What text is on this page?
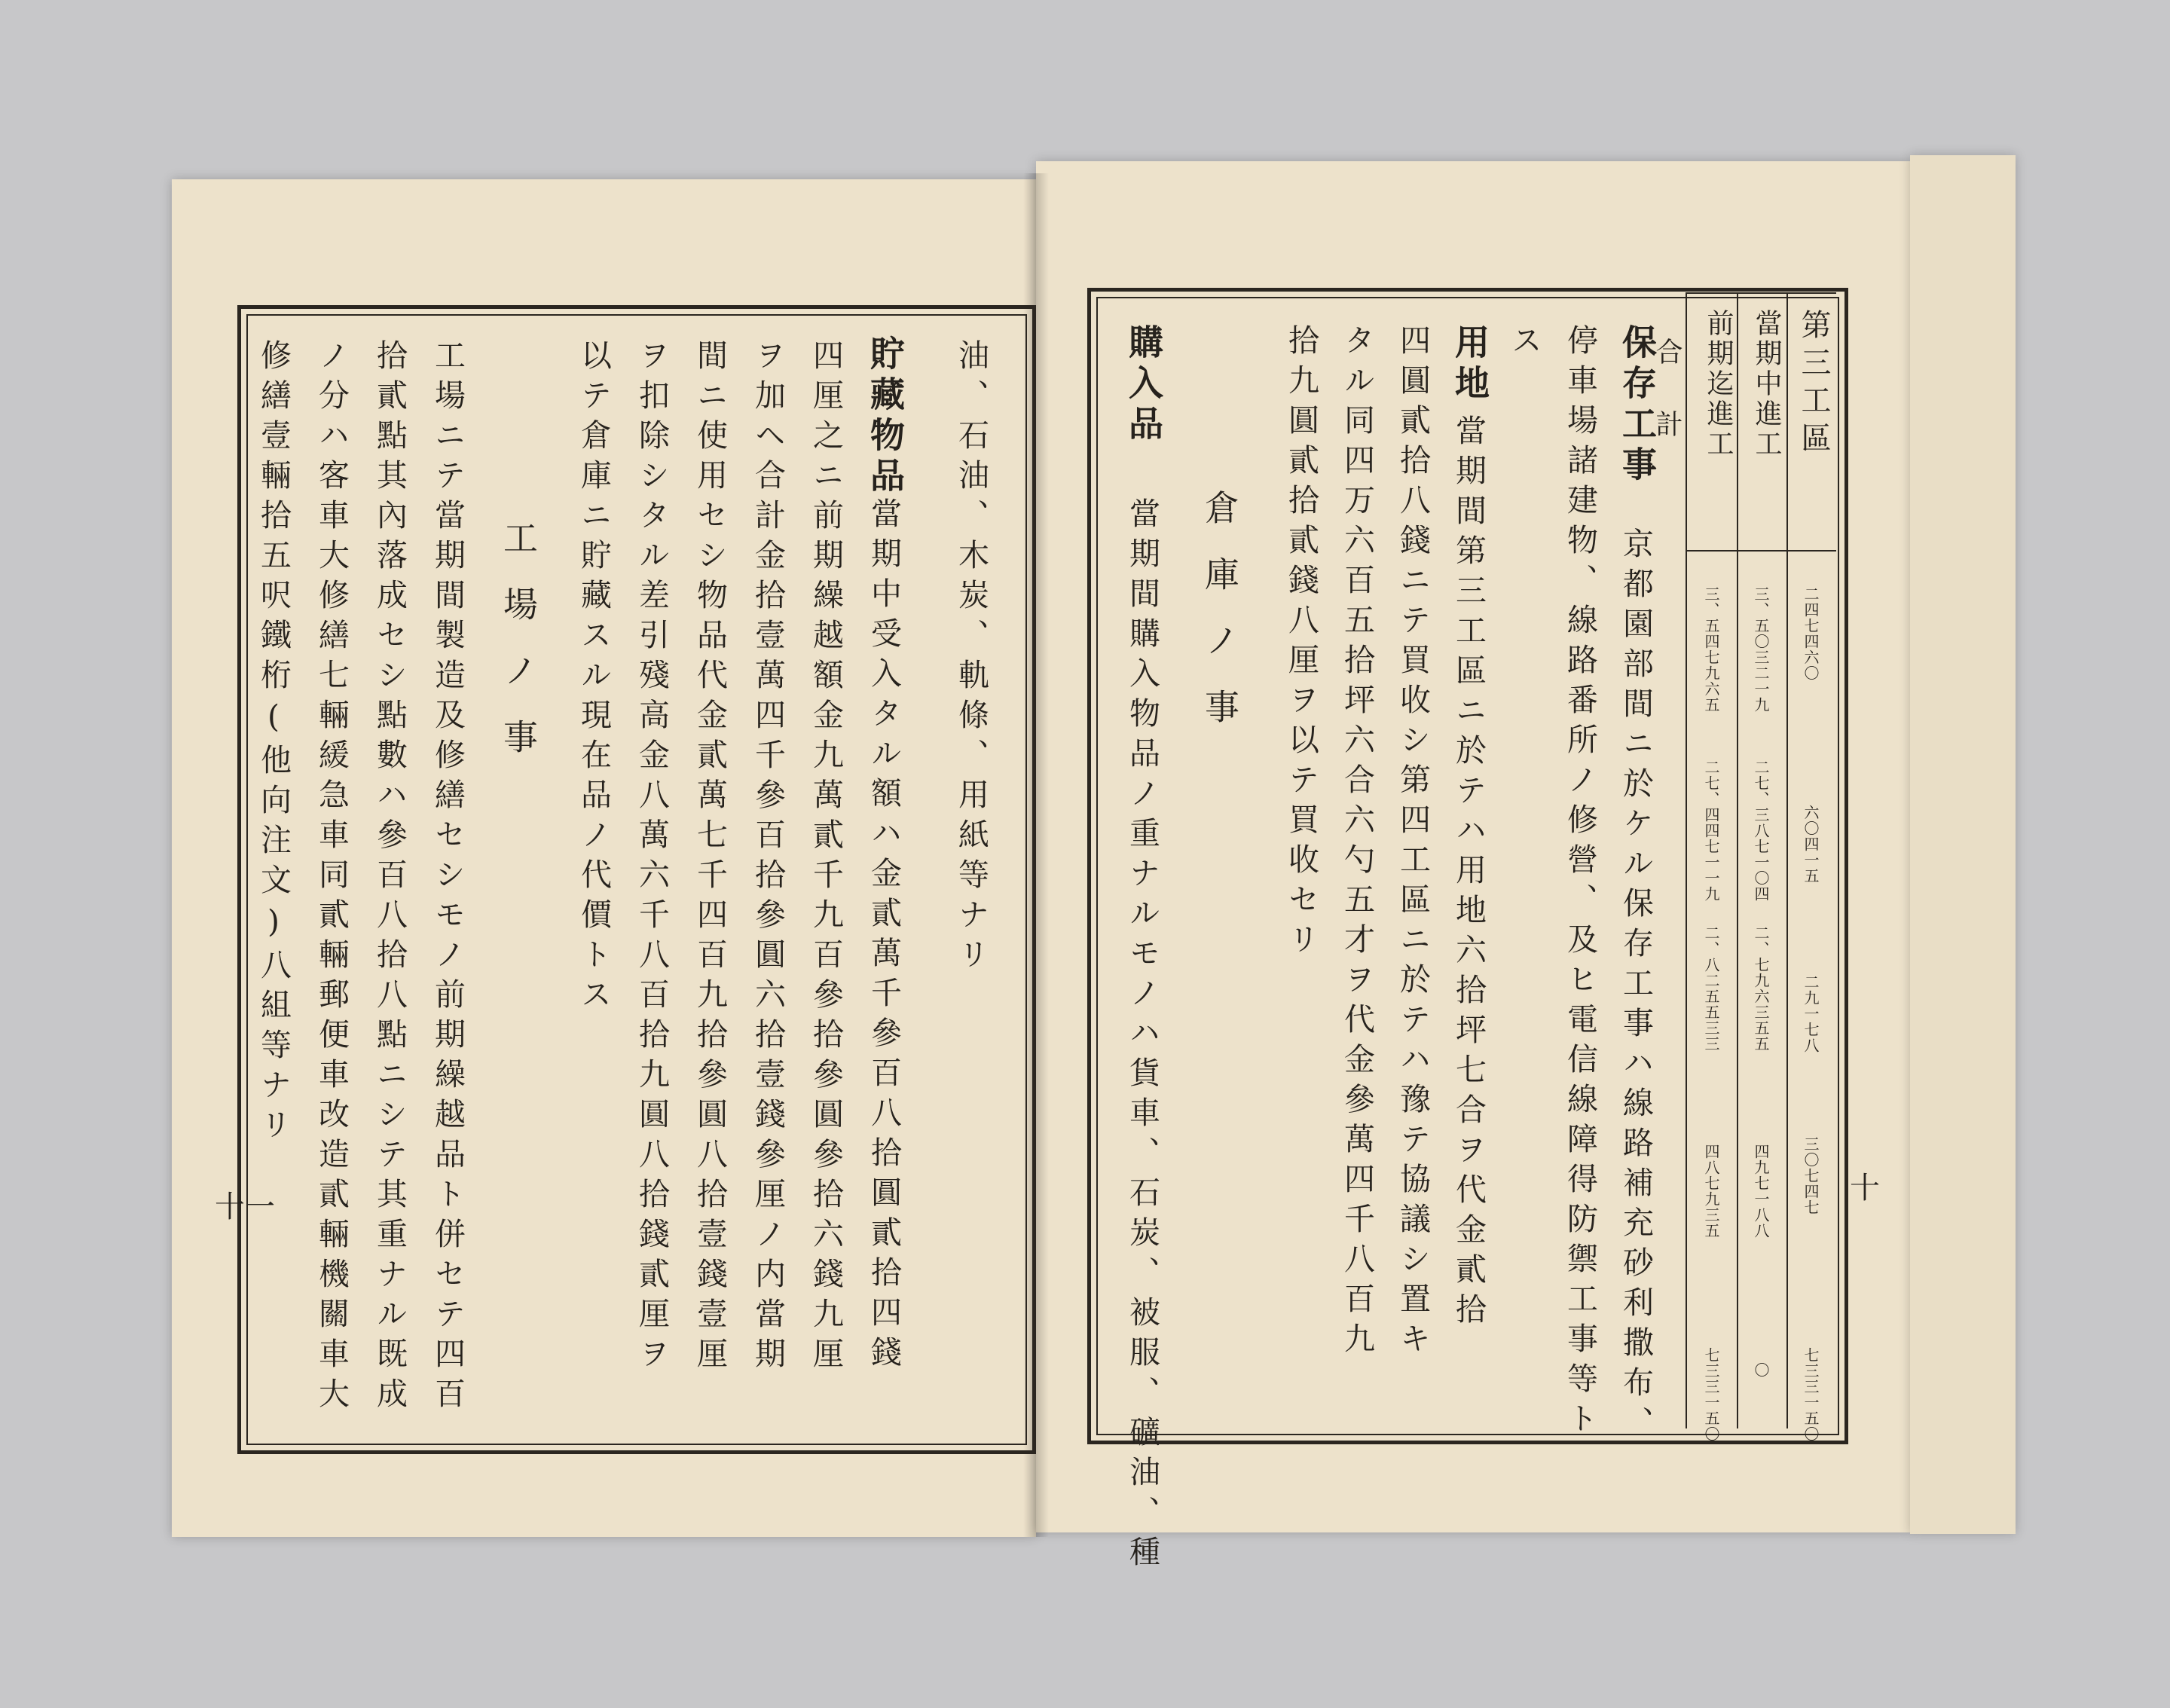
油、石油、木炭、軌條、用紙等ナリ
貯藏物品
當期中受入タル額ハ金貳萬千參百八拾圓貳拾四錢
四厘之ニ前期繰越額金九萬貳千九百參拾參圓參拾六錢九厘
ヲ加ヘ合計金拾壹萬四千參百拾參圓六拾壹錢參厘ノ内當期
間ニ使用セシ物品代金貳萬七千四百九拾參圓八拾壹錢壹厘
ヲ扣除シタル差引殘高金八萬六千八百拾九圓八拾錢貳厘ヲ
以テ倉庫ニ貯藏スル現在品ノ代價トス
工場ノ事
工場ニテ當期間製造及修繕セシモノ前期繰越品ト併セテ四百
拾貳點其內落成セシ點數ハ參百八拾八點ニシテ其重ナル既成
ノ分ハ客車大修繕七輛緩急車同貳輛郵便車改造貳輛機關車大
修繕壹輛拾五呎鐵桁(他向注文)八組等ナリ
十一
保存工事
京都園部間ニ於ケル保存工事ハ線路補充砂利撒布、
停車場諸建物、線路番所ノ修營、及ヒ電信線障得防禦工事等ト
ス
用地
當期間第三工區ニ於テハ用地六拾坪七合ヲ代金貳拾
四圓貳拾八錢ニテ買收シ第四工區ニ於テハ豫テ協議シ置キ
タル同四万六百五拾坪六合六勺五才ヲ代金參萬四千八百九
拾九圓貳拾貳錢八厘ヲ以テ買收セリ
倉庫ノ事
購入品
當期間購入物品ノ重ナルモノハ貨車、石炭、被服、礦油、種
第三工區
當期中進工
前期迄進工
合計
二四七四六〇
三、五〇三二一九
三、五四七九六五
六〇四一五
二七、三八七一〇四
二七、四四七一一九
二九一七八
二、七九六三五五
二、八二五五三三
三〇七四七
四九七一八八
四八七九三五
七三三一五〇
〇
七三三一五〇
十
